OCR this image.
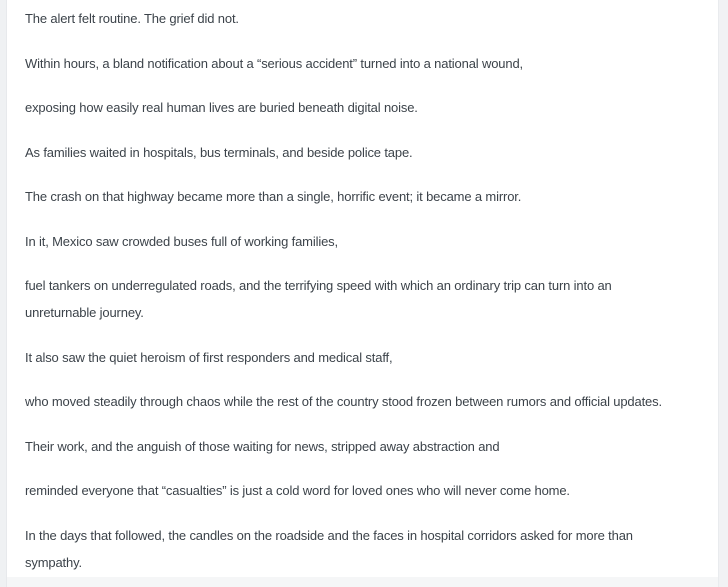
The alert felt routine. The grief did not.

Within hours, a bland notification about a “serious accident” turned into a national wound,

exposing how easily real human lives are buried beneath digital noise.

As families waited in hospitals, bus terminals, and beside police tape.

The crash on that highway became more than a single, horrific event; it became a mirror.

In it, Mexico saw crowded buses full of working families,

fuel tankers on underregulated roads, and the terrifying speed with which an ordinary trip can turn into an
unreturnable journey.

It also saw the quiet heroism of first responders and medical staff,

who moved steadily through chaos while the rest of the country stood frozen between rumors and official updates.

Their work, and the anguish of those waiting for news, stripped away abstraction and

reminded everyone that “casualties” is just a cold word for loved ones who will never come home.

In the days that followed, the candles on the roadside and the faces in hospital corridors asked for more than
sympathy.
